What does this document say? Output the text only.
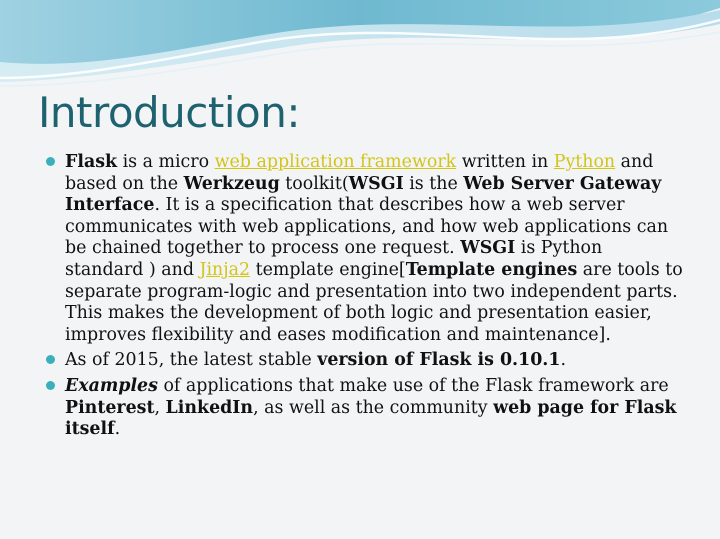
Introduction:
Flask is a micro web application framework written in Python and based on the Werkzeug toolkit(WSGI is the Web Server Gateway Interface. It is a specification that describes how a web server communicates with web applications, and how web applications can be chained together to process one request. WSGI is Python standard ) and Jinja2 template engine[Template engines are tools to separate program-logic and presentation into two independent parts. This makes the development of both logic and presentation easier, improves flexibility and eases modification and maintenance].
As of 2015, the latest stable version of Flask is 0.10.1.
Examples of applications that make use of the Flask framework are Pinterest, LinkedIn, as well as the community web page for Flask itself.
